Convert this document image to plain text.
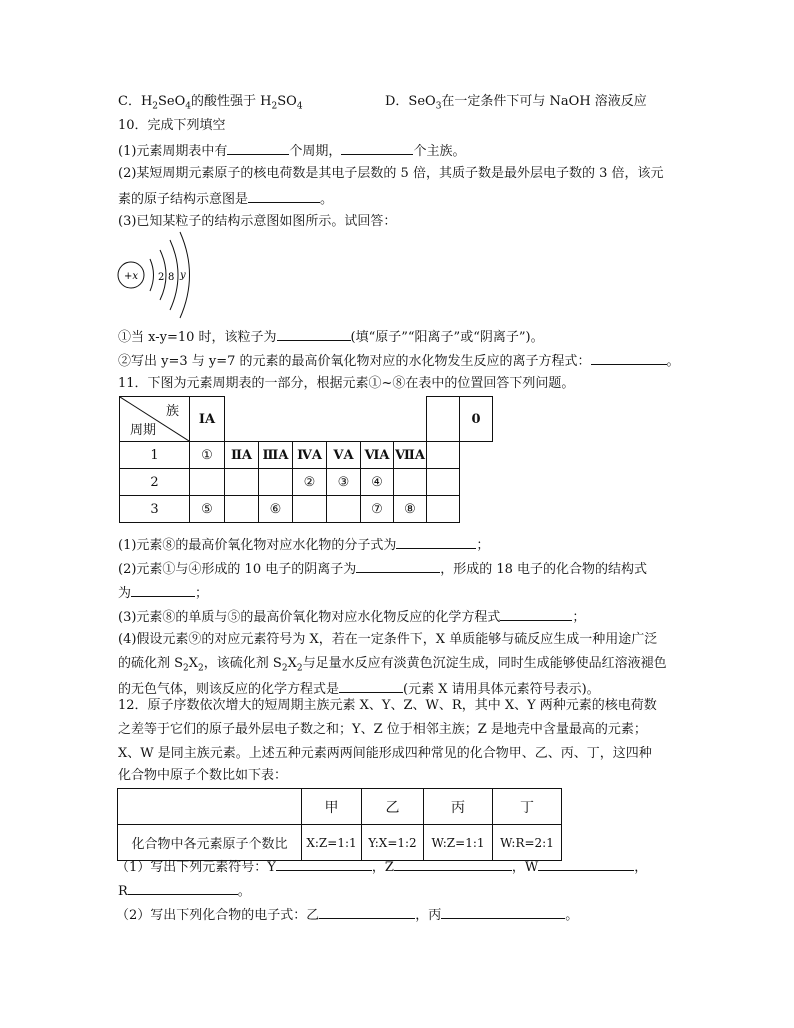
C．$H_2SeO_4$的酸性强于 $H_2SO_4$	D．SeO$_3$在一定条件下可与 NaOH 溶液反应
10．完成下列填空
(1)元素周期表中有	个周期，	个主族。
(2)某短周期元素原子的核电荷数是其电子层数的 5 倍，其质子数是最外层电子数的 3 倍，该元
素的原子结构示意图是	。
(3)已知某粒子的结构示意图如图所示。试回答：
+x 2 8 y
①当 x-y=10 时，该粒子为	(填“原子”“阳离子”或“阴离子”)。
②写出 y=3 与 y=7 的元素的最高价氧化物对应的水化物发生反应的离子方程式：	。
11．下图为元素周期表的一部分，根据元素①~⑧在表中的位置回答下列问题。
族
周期	IA								0
1	①	ⅡA	ⅢA	ⅣA	ⅤA	ⅥA	ⅦA		
2				②	③	④			
3	⑤		⑥			⑦	⑧		
(1)元素⑧的最高价氧化物对应水化物的分子式为	；
(2)元素①与④形成的 10 电子的阴离子为	，形成的 18 电子的化合物的结构式
为	；
(3)元素⑧的单质与⑤的最高价氧化物对应水化物反应的化学方程式	；
(4)假设元素⑨的对应元素符号为 X，若在一定条件下，X 单质能够与硫反应生成一种用途广泛
的硫化剂 $S_2X_2$，该硫化剂 $S_2X_2$与足量水反应有淡黄色沉淀生成，同时生成能够使品红溶液褪色
的无色气体，则该反应的化学方程式是	(元素 X 请用具体元素符号表示)。
12．原子序数依次增大的短周期主族元素 X、Y、Z、W、R，其中 X、Y 两种元素的核电荷数
之差等于它们的原子最外层电子数之和；Y、Z 位于相邻主族；Z 是地壳中含量最高的元素；
X、W 是同主族元素。上述五种元素两两间能形成四种常见的化合物甲、乙、丙、丁，这四种
化合物中原子个数比如下表：
	甲	乙	丙	丁
化合物中各元素原子个数比	X:Z=1:1	Y:X=1:2	W:Z=1:1	W:R=2:1
（1）写出下列元素符号：Y	，Z	，W	，
R	。
（2）写出下列化合物的电子式：乙	，丙	。
